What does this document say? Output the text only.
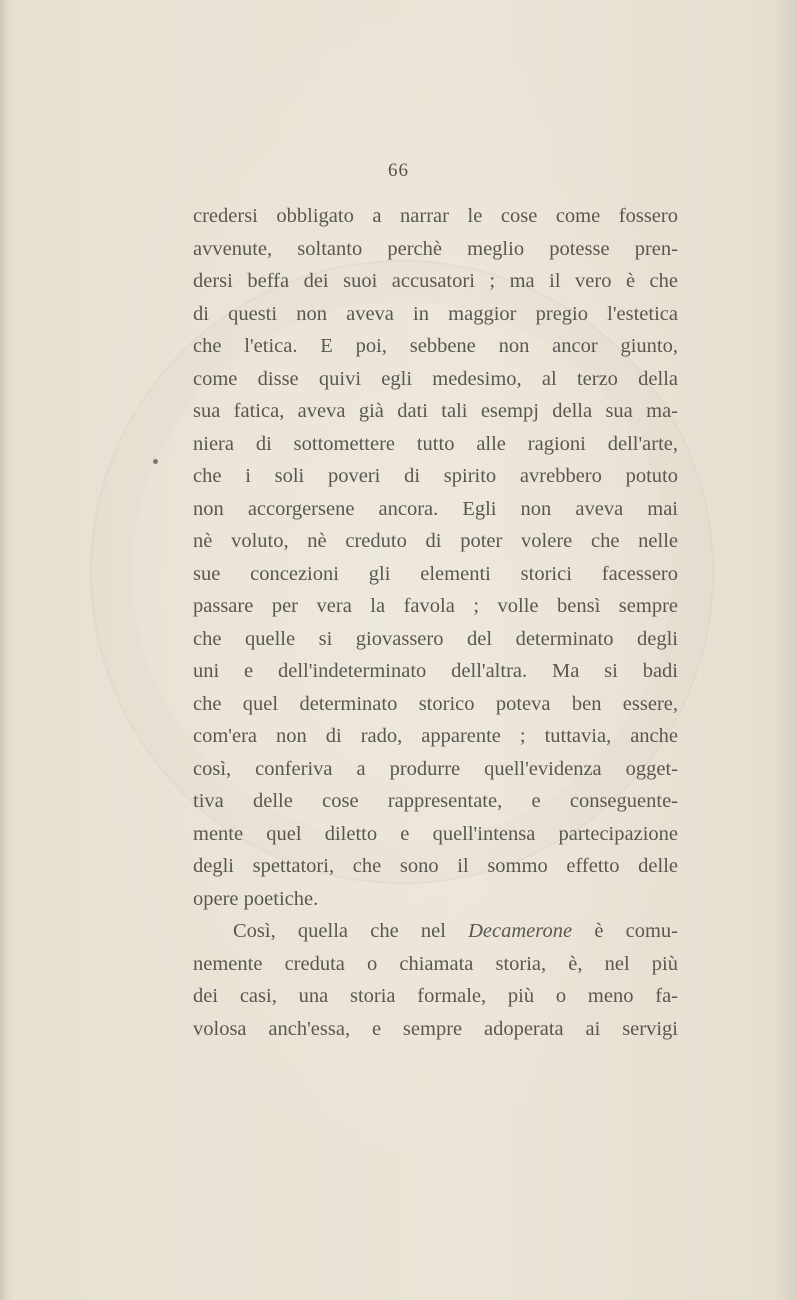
66
credersi obbligato a narrar le cose come fossero
avvenute, soltanto perchè meglio potesse pren-
dersi beffa dei suoi accusatori ; ma il vero è che
di questi non aveva in maggior pregio l'estetica
che l'etica. E poi, sebbene non ancor giunto,
come disse quivi egli medesimo, al terzo della
sua fatica, aveva già dati tali esempj della sua ma-
niera di sottomettere tutto alle ragioni dell'arte,
che i soli poveri di spirito avrebbero potuto
non accorgersene ancora. Egli non aveva mai
nè voluto, nè creduto di poter volere che nelle
sue concezioni gli elementi storici facessero
passare per vera la favola ; volle bensì sempre
che quelle si giovassero del determinato degli
uni e dell'indeterminato dell'altra. Ma si badi
che quel determinato storico poteva ben essere,
com'era non di rado, apparente ; tuttavia, anche
così, conferiva a produrre quell'evidenza ogget-
tiva delle cose rappresentate, e conseguente-
mente quel diletto e quell'intensa partecipazione
degli spettatori, che sono il sommo effetto delle
opere poetiche.
Così, quella che nel Decamerone è comu-
nemente creduta o chiamata storia, è, nel più
dei casi, una storia formale, più o meno fa-
volosa anch'essa, e sempre adoperata ai servigi
